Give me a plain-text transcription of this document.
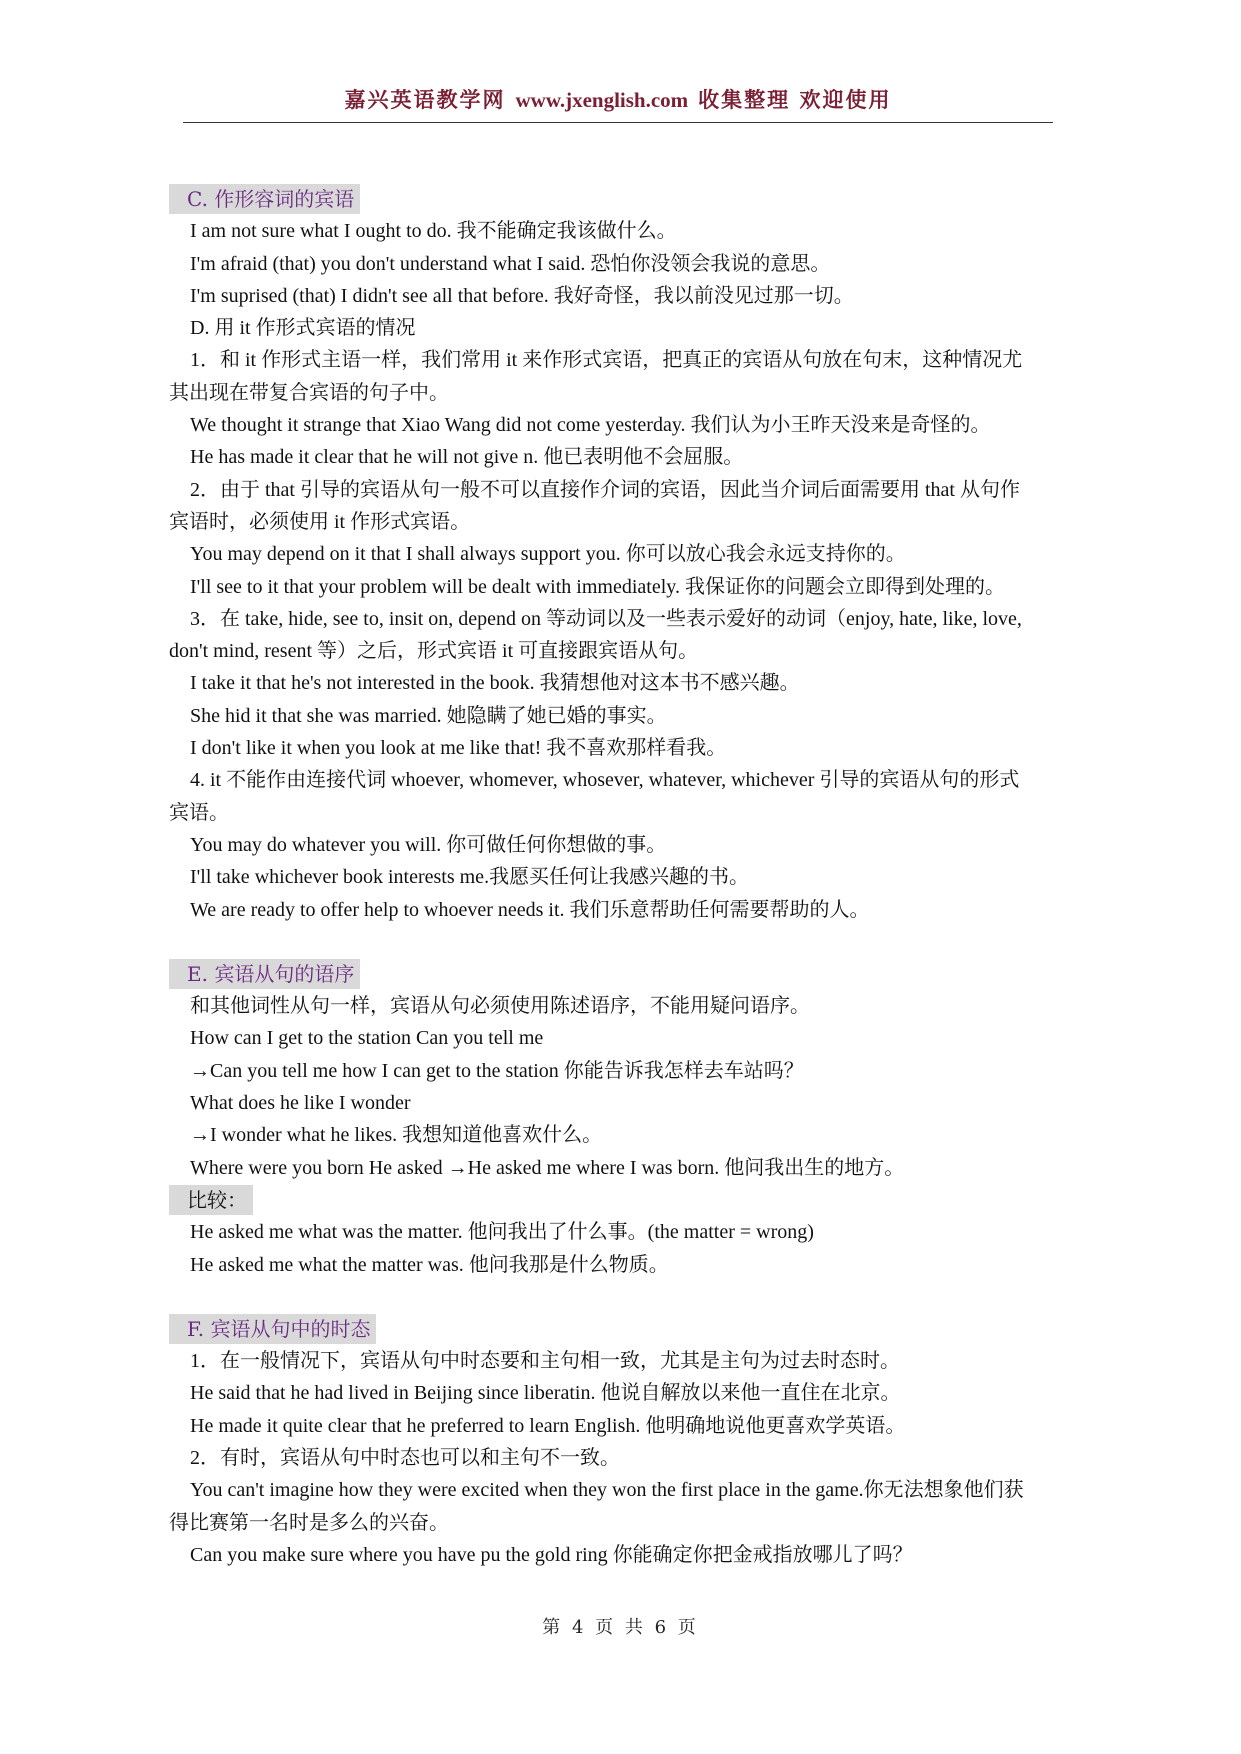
嘉兴英语教学网 www.jxenglish.com 收集整理 欢迎使用
C. 作形容词的宾语
I am not sure what I ought to do. 我不能确定我该做什么。
I'm afraid (that) you don't understand what I said. 恐怕你没领会我说的意思。
I'm suprised (that) I didn't see all that before. 我好奇怪，我以前没见过那一切。
D. 用 it 作形式宾语的情况
1．和 it 作形式主语一样，我们常用 it 来作形式宾语，把真正的宾语从句放在句末，这种情况尤
其出现在带复合宾语的句子中。
We thought it strange that Xiao Wang did not come yesterday. 我们认为小王昨天没来是奇怪的。
He has made it clear that he will not give n. 他已表明他不会屈服。
2．由于 that 引导的宾语从句一般不可以直接作介词的宾语，因此当介词后面需要用 that 从句作
宾语时，必须使用 it 作形式宾语。
You may depend on it that I shall always support you. 你可以放心我会永远支持你的。
I'll see to it that your problem will be dealt with immediately. 我保证你的问题会立即得到处理的。
3．在 take, hide, see to, insit on, depend on 等动词以及一些表示爱好的动词（enjoy, hate, like, love,
don't mind, resent 等）之后，形式宾语 it 可直接跟宾语从句。
I take it that he's not interested in the book. 我猜想他对这本书不感兴趣。
She hid it that she was married. 她隐瞒了她已婚的事实。
I don't like it when you look at me like that! 我不喜欢那样看我。
4. it 不能作由连接代词 whoever, whomever, whosever, whatever, whichever 引导的宾语从句的形式
宾语。
You may do whatever you will. 你可做任何你想做的事。
I'll take whichever book interests me.我愿买任何让我感兴趣的书。
We are ready to offer help to whoever needs it. 我们乐意帮助任何需要帮助的人。
E. 宾语从句的语序
和其他词性从句一样，宾语从句必须使用陈述语序，不能用疑问语序。
How can I get to the station Can you tell me
→Can you tell me how I can get to the station 你能告诉我怎样去车站吗？
What does he like I wonder
→I wonder what he likes. 我想知道他喜欢什么。
Where were you born He asked →He asked me where I was born. 他问我出生的地方。
比较：
He asked me what was the matter. 他问我出了什么事。(the matter = wrong)
He asked me what the matter was. 他问我那是什么物质。
F. 宾语从句中的时态
1．在一般情况下，宾语从句中时态要和主句相一致，尤其是主句为过去时态时。
He said that he had lived in Beijing since liberatin. 他说自解放以来他一直住在北京。
He made it quite clear that he preferred to learn English. 他明确地说他更喜欢学英语。
2．有时，宾语从句中时态也可以和主句不一致。
You can't imagine how they were excited when they won the first place in the game.你无法想象他们获
得比赛第一名时是多么的兴奋。
Can you make sure where you have pu the gold ring 你能确定你把金戒指放哪儿了吗？
第 4 页 共 6 页
